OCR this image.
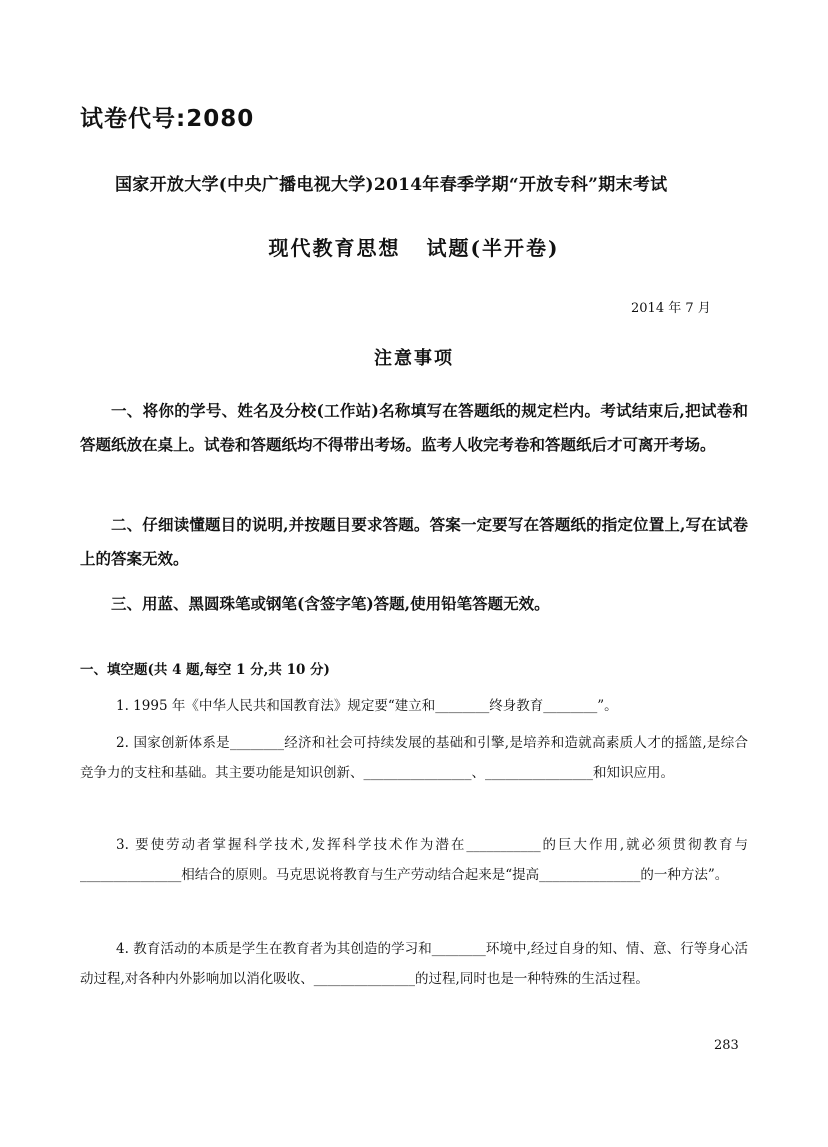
试卷代号:2080
国家开放大学(中央广播电视大学)2014年春季学期“开放专科”期末考试
现代教育思想 试题(半开卷)
2014 年 7 月
注意事项
一、将你的学号、姓名及分校(工作站)名称填写在答题纸的规定栏内。考试结束后,把试卷和答题纸放在桌上。试卷和答题纸均不得带出考场。监考人收完考卷和答题纸后才可离开考场。
二、仔细读懂题目的说明,并按题目要求答题。答案一定要写在答题纸的指定位置上,写在试卷上的答案无效。
三、用蓝、黑圆珠笔或钢笔(含签字笔)答题,使用铅笔答题无效。
一、填空题(共 4 题,每空 1 分,共 10 分)
1. 1995 年《中华人民共和国教育法》规定要“建立和________终身教育________”。
2. 国家创新体系是________经济和社会可持续发展的基础和引擎,是培养和造就高素质人才的摇篮,是综合竞争力的支柱和基础。其主要功能是知识创新、________________、________________和知识应用。
3. 要使劳动者掌握科学技术,发挥科学技术作为潜在___________的巨大作用,就必须贯彻教育与_______________相结合的原则。马克思说将教育与生产劳动结合起来是“提高_______________的一种方法”。
4. 教育活动的本质是学生在教育者为其创造的学习和________环境中,经过自身的知、情、意、行等身心活动过程,对各种内外影响加以消化吸收、_______________的过程,同时也是一种特殊的生活过程。
283
